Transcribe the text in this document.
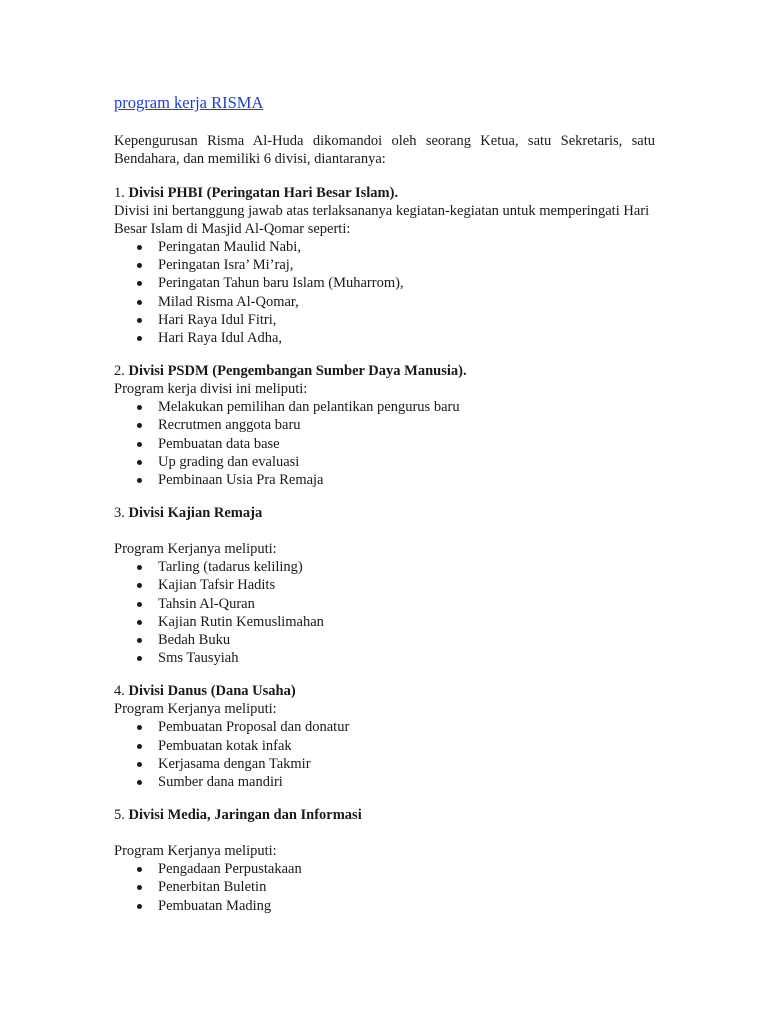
program kerja RISMA

Kepengurusan Risma Al-Huda dikomandoi oleh seorang Ketua, satu Sekretaris, satu Bendahara, dan memiliki 6 divisi, diantaranya:

1. Divisi PHBI (Peringatan Hari Besar Islam).

Divisi ini bertanggung jawab atas terlaksananya kegiatan-kegiatan untuk memperingati Hari Besar Islam di Masjid Al-Qomar seperti:

Peringatan Maulid Nabi,
Peringatan Isra’ Mi’raj,
Peringatan Tahun baru Islam (Muharrom),
Milad Risma Al-Qomar,
Hari Raya Idul Fitri,
Hari Raya Idul Adha,

2. Divisi PSDM (Pengembangan Sumber Daya Manusia).

Program kerja divisi ini meliputi:

Melakukan pemilihan dan pelantikan pengurus baru
Recrutmen anggota baru
Pembuatan data base
Up grading dan evaluasi
Pembinaan Usia Pra Remaja

3. Divisi Kajian Remaja

Program Kerjanya meliputi:

Tarling (tadarus keliling)
Kajian Tafsir Hadits
Tahsin Al-Quran
Kajian Rutin Kemuslimahan
Bedah Buku
Sms Tausyiah

4. Divisi Danus (Dana Usaha)

Program Kerjanya meliputi:

Pembuatan Proposal dan donatur
Pembuatan kotak infak
Kerjasama dengan Takmir
Sumber dana mandiri

5. Divisi Media, Jaringan dan Informasi

Program Kerjanya meliputi:

Pengadaan Perpustakaan
Penerbitan Buletin
Pembuatan Mading
